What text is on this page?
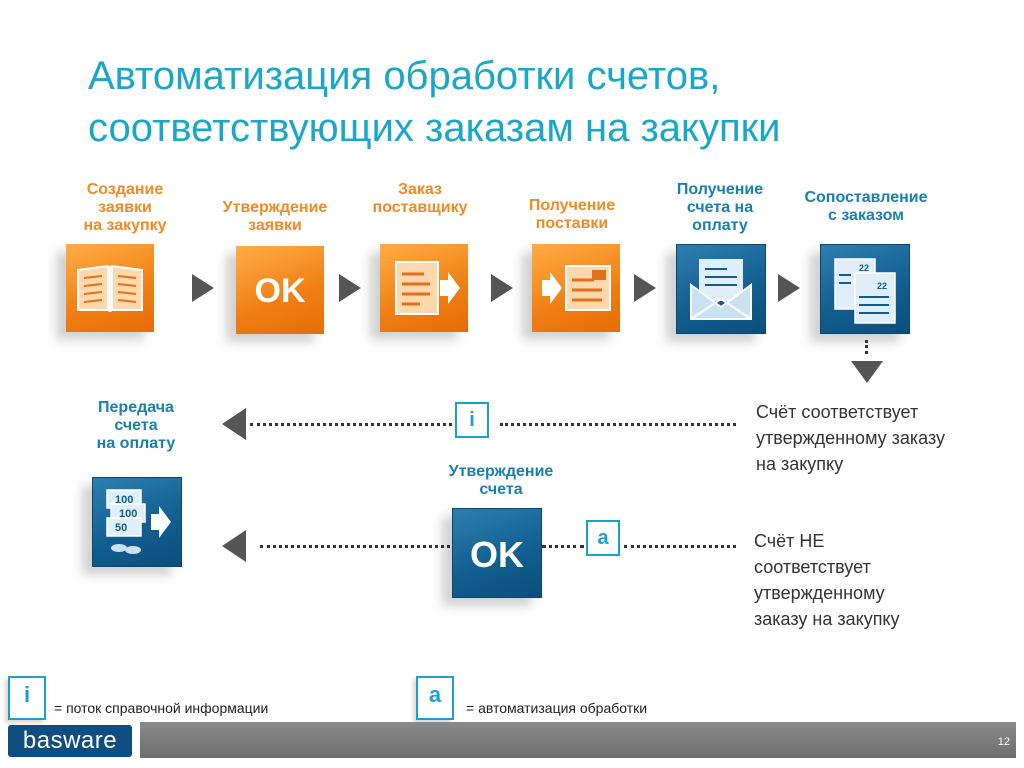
Автоматизация обработки счетов,
соответствующих заказам на закупки
Создание
заявки
на закупку
Утверждение
заявки
Заказ
поставщику	Получение
поставки
Получение
счета на
оплату
Сопоставление
с заказом
OK
22
22
i	Счёт соответствует
утвержденному заказу
на закупку
Передача
счета
на оплату
100
100
50
Утверждение
счета
OK	a	Счёт НЕ
соответствует
утвержденному
заказу на закупку
i
= поток справочной информации
a
= автоматизация обработки
basware	12
